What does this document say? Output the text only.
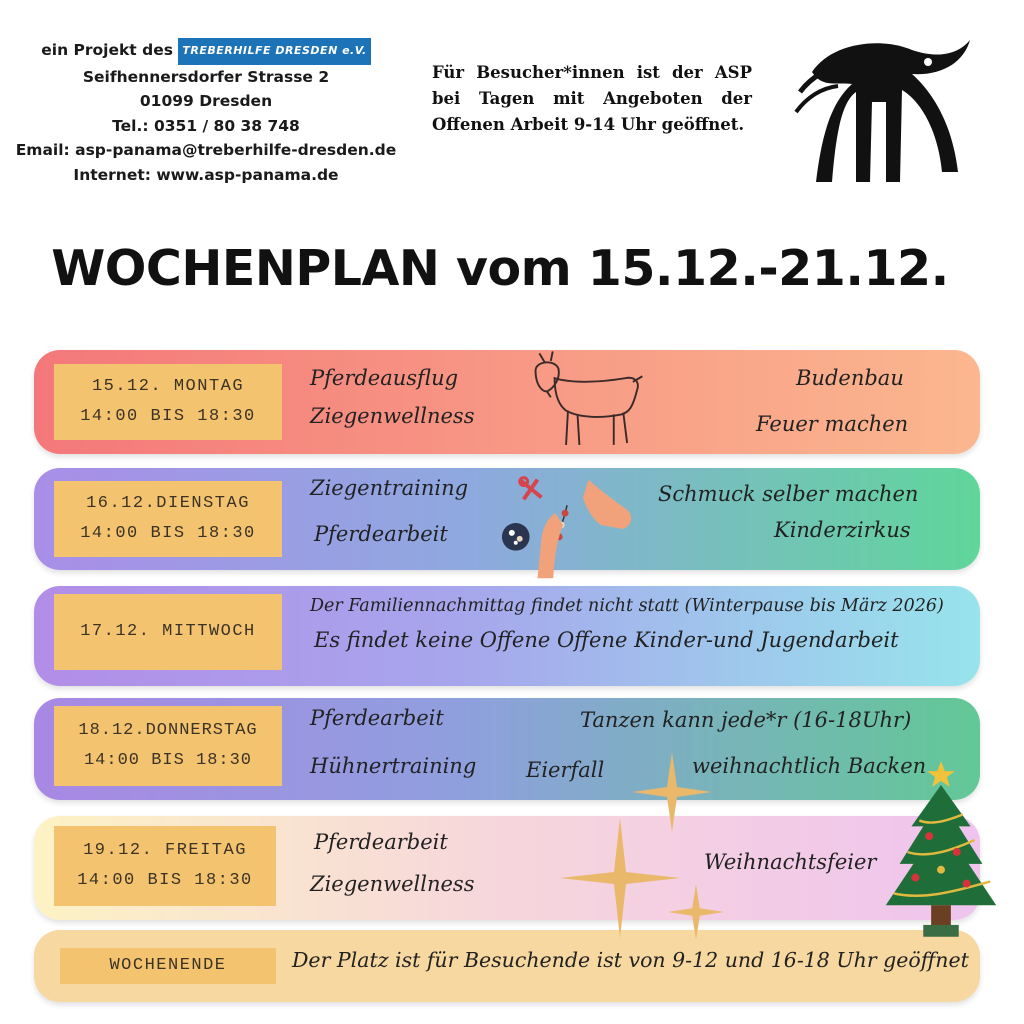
ein Projekt des TREBERHILFE DRESDEN e.V.
Seifhennersdorfer Strasse 2
01099 Dresden
Tel.: 0351 / 80 38 748
Email: asp-panama@treberhilfe-dresden.de
Internet: www.asp-panama.de
Für Besucher*innen ist der ASP bei Tagen mit Angeboten der Offenen Arbeit 9-14 Uhr geöffnet.
WOCHENPLAN vom 15.12.-21.12.
15.12. MONTAG
14:00 BIS 18:30
Pferdeausflug
Ziegenwellness
Budenbau
Feuer machen
16.12.DIENSTAG
14:00 BIS 18:30
Ziegentraining
Pferdearbeit
Schmuck selber machen
Kinderzirkus
17.12. MITTWOCH
Der Familiennachmittag findet nicht statt (Winterpause bis März 2026)
Es findet keine Offene Offene Kinder-und Jugendarbeit
18.12.DONNERSTAG
14:00 BIS 18:30
Pferdearbeit
Hühnertraining Eierfall
Tanzen kann jede*r (16-18Uhr)
weihnachtlich Backen
19.12. FREITAG
14:00 BIS 18:30
Pferdearbeit
Ziegenwellness
Weihnachtsfeier
WOCHENENDE	Der Platz ist für Besuchende ist von 9-12 und 16-18 Uhr geöffnet
